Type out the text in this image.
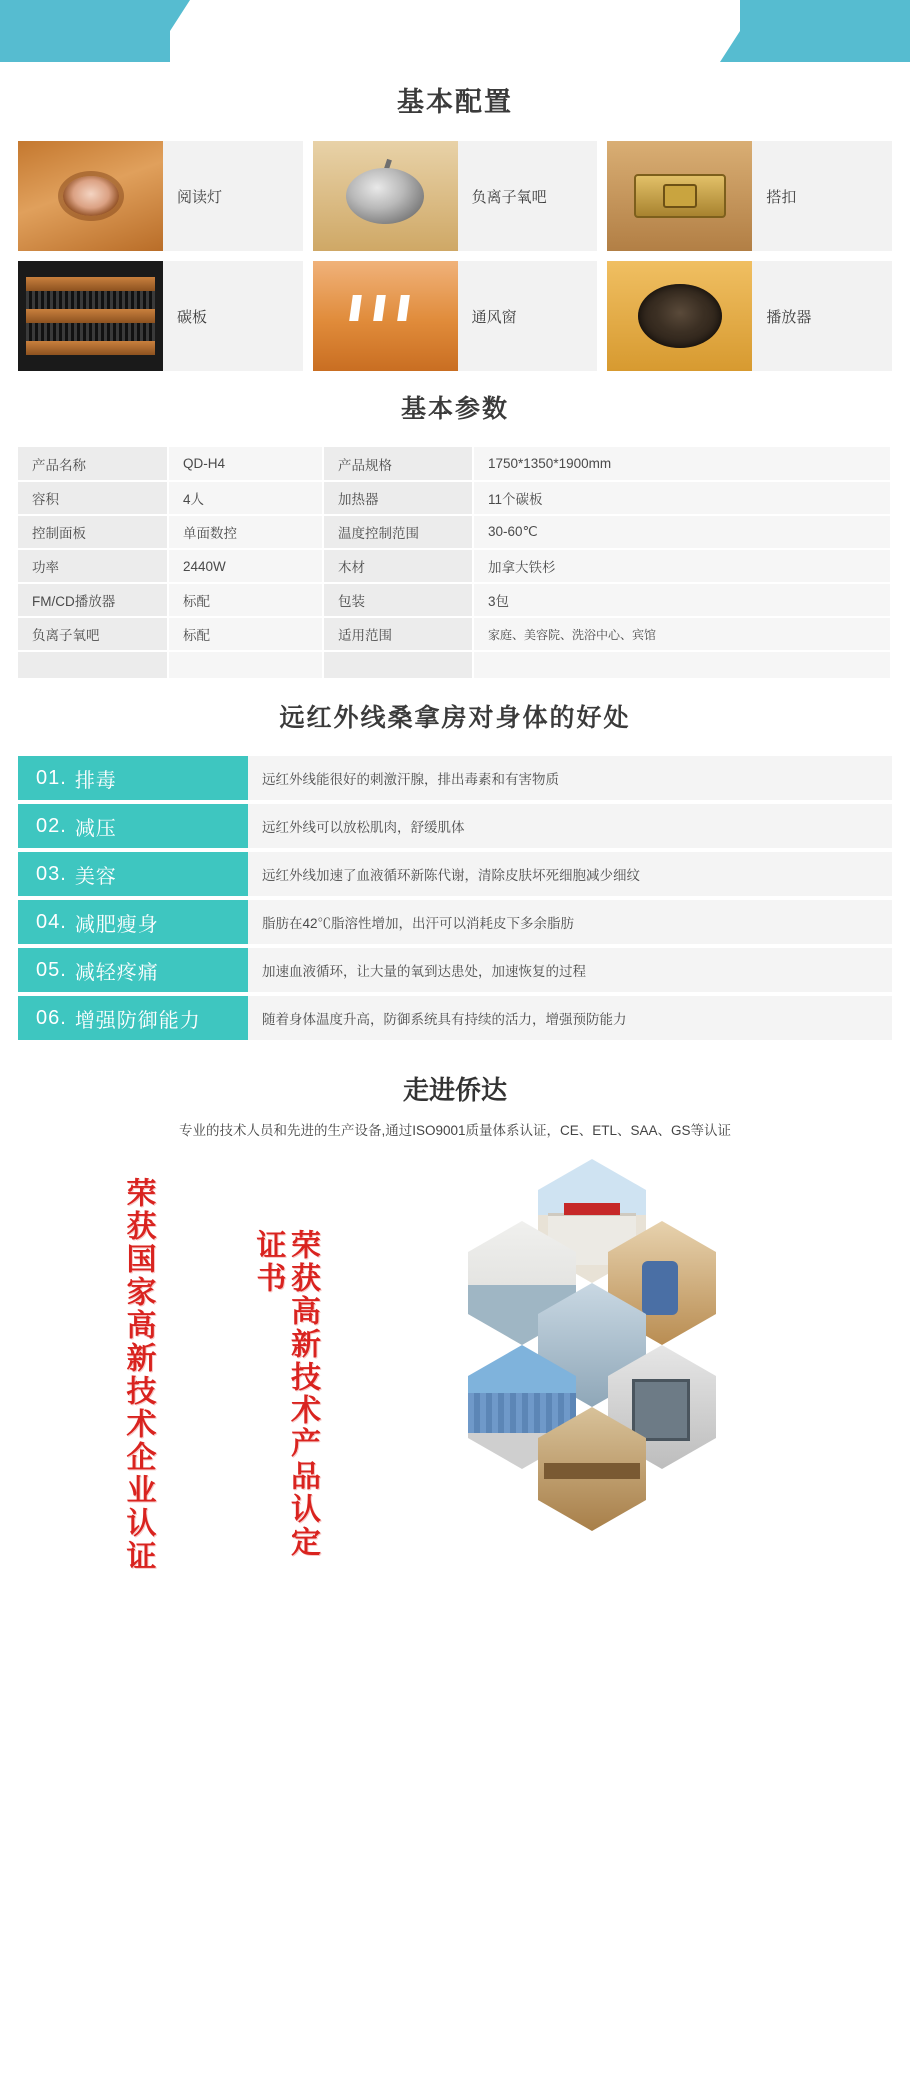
基本配置
阅读灯	负离子氧吧	搭扣
碳板	通风窗	播放器
基本参数
产品名称	QD-H4	产品规格	1750*1350*1900mm
容积	4人	加热器	11个碳板
控制面板	单面数控	温度控制范围	30-60℃
功率	2440W	木材	加拿大铁杉
FM/CD播放器	标配	包装	3包
负离子氧吧	标配	适用范围	家庭、美容院、洗浴中心、宾馆

远红外线桑拿房对身体的好处
01. 排毒	远红外线能很好的刺激汗腺，排出毒素和有害物质
02. 减压	远红外线可以放松肌肉，舒缓肌体
03. 美容	远红外线加速了血液循环新陈代谢，清除皮肤坏死细胞减少细纹
04. 减肥瘦身	脂肪在42℃脂溶性增加，出汗可以消耗皮下多余脂肪
05. 减轻疼痛	加速血液循环，让大量的氧到达患处，加速恢复的过程
06. 增强防御能力	随着身体温度升高，防御系统具有持续的活力，增强预防能力
走进侨达
专业的技术人员和先进的生产设备,通过ISO9001质量体系认证，CE、ETL、SAA、GS等认证
荣获国家高新技术企业认证	荣获高新技术产品认定证书
